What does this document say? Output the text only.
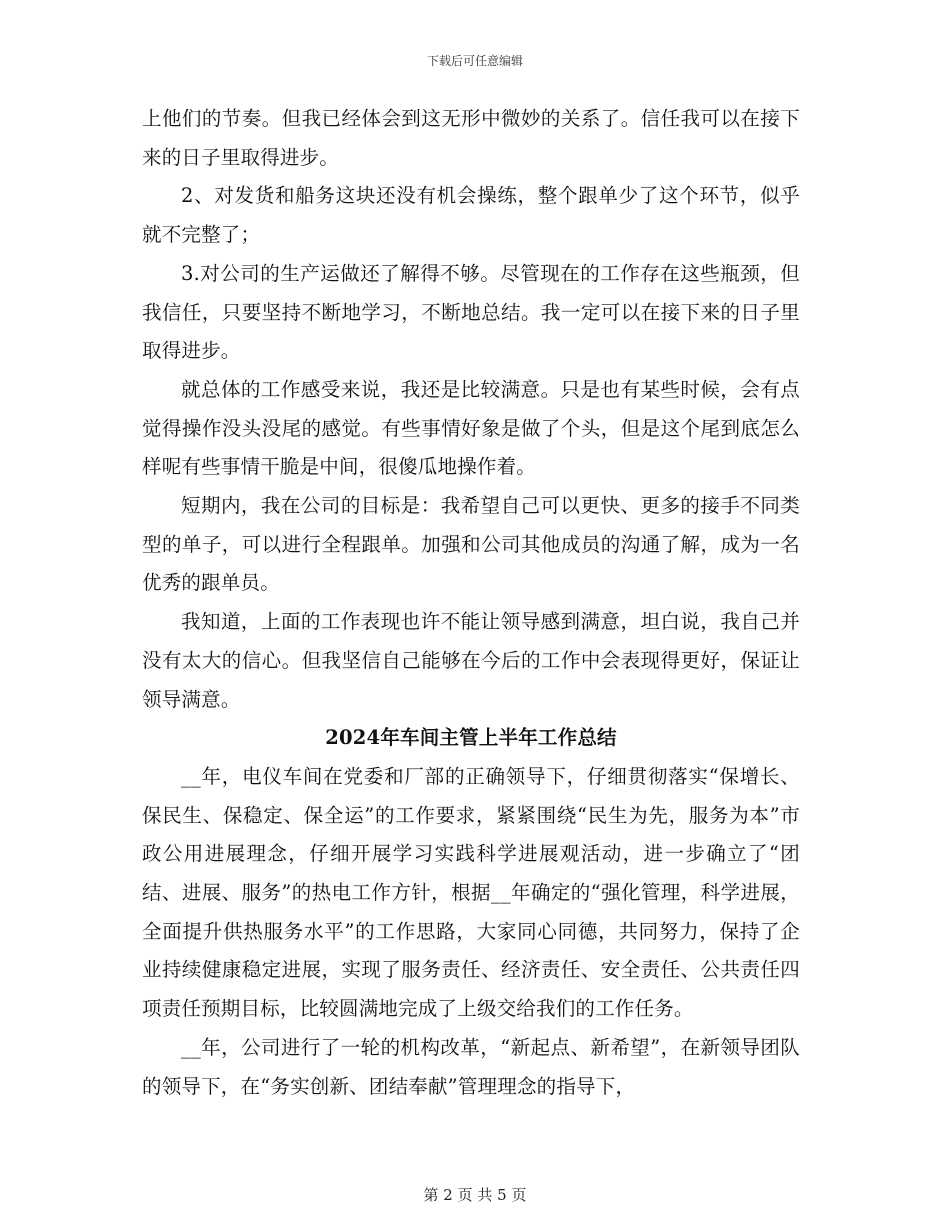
下载后可任意编辑

上他们的节奏。但我已经体会到这无形中微妙的关系了。信任我可以在接下来的日子里取得进步。

2、对发货和船务这块还没有机会操练，整个跟单少了这个环节，似乎就不完整了；

3.对公司的生产运做还了解得不够。尽管现在的工作存在这些瓶颈，但我信任，只要坚持不断地学习，不断地总结。我一定可以在接下来的日子里取得进步。

就总体的工作感受来说，我还是比较满意。只是也有某些时候，会有点觉得操作没头没尾的感觉。有些事情好象是做了个头，但是这个尾到底怎么样呢有些事情干脆是中间，很傻瓜地操作着。

短期内，我在公司的目标是：我希望自己可以更快、更多的接手不同类型的单子，可以进行全程跟单。加强和公司其他成员的沟通了解，成为一名优秀的跟单员。

我知道，上面的工作表现也许不能让领导感到满意，坦白说，我自己并没有太大的信心。但我坚信自己能够在今后的工作中会表现得更好，保证让领导满意。

2024年车间主管上半年工作总结

__年，电仪车间在党委和厂部的正确领导下，仔细贯彻落实“保增长、保民生、保稳定、保全运”的工作要求，紧紧围绕“民生为先，服务为本”市政公用进展理念，仔细开展学习实践科学进展观活动，进一步确立了“团结、进展、服务”的热电工作方针，根据__年确定的“强化管理，科学进展，全面提升供热服务水平”的工作思路，大家同心同德，共同努力，保持了企业持续健康稳定进展，实现了服务责任、经济责任、安全责任、公共责任四项责任预期目标，比较圆满地完成了上级交给我们的工作任务。

__年，公司进行了一轮的机构改革，“新起点、新希望”，在新领导团队的领导下，在“务实创新、团结奉献”管理理念的指导下，

第 2 页 共 5 页
